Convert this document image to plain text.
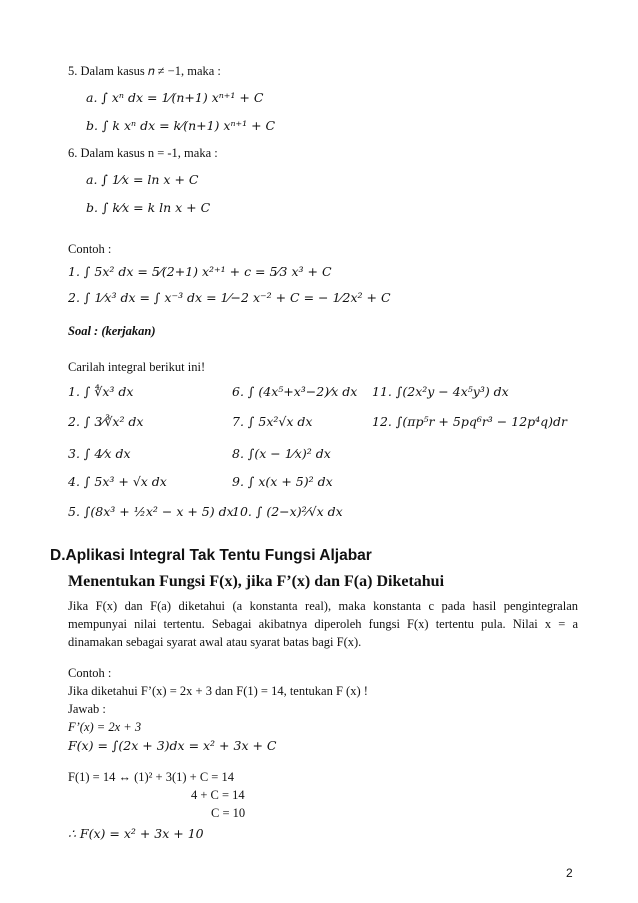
5. Dalam kasus 𝑛 ≠ −1, maka :
a. ∫ 𝑥ⁿ 𝑑𝑥 = 1⁄(𝑛+1) 𝑥ⁿ⁺¹ + 𝐶
b. ∫ 𝑘 𝑥ⁿ 𝑑𝑥 = 𝑘⁄(𝑛+1) 𝑥ⁿ⁺¹ + 𝐶
6. Dalam kasus n = -1, maka :
a. ∫ 1⁄𝑥 = ln 𝑥 + 𝐶
b. ∫ 𝑘⁄𝑥 = 𝑘 ln 𝑥 + 𝐶
Contoh :
1. ∫ 5𝑥² 𝑑𝑥 = 5⁄(2+1) 𝑥²⁺¹ + 𝑐 = 5⁄3 𝑥³ + 𝐶
2. ∫ 1⁄𝑥³ 𝑑𝑥 = ∫ 𝑥⁻³ 𝑑𝑥 = 1⁄−2 𝑥⁻² + 𝐶 = − 1⁄2𝑥² + 𝐶
Soal : (kerjakan)
Carilah integral berikut ini!
1. ∫ ∜𝑥³ 𝑑𝑥
2. ∫ 3⁄∛𝑥² 𝑑𝑥
3. ∫ 4⁄𝑥 𝑑𝑥
4. ∫ 5𝑥³ + √𝑥 𝑑𝑥
5. ∫(8𝑥³ + ½𝑥² − 𝑥 + 5) 𝑑𝑥
6. ∫ (4𝑥⁵+𝑥³−2)⁄𝑥 dx
7. ∫ 5𝑥²√𝑥 𝑑𝑥
8. ∫(𝑥 − 1⁄𝑥)² 𝑑𝑥
9. ∫ 𝑥(𝑥 + 5)² 𝑑𝑥
10. ∫ (2−𝑥)²⁄√𝑥 𝑑𝑥
11. ∫(2𝑥²𝑦 − 4𝑥⁵𝑦³) 𝑑𝑥
12. ∫(𝜋𝑝⁵𝑟 + 5𝑝𝑞⁶𝑟³ − 12𝑝⁴𝑞)𝑑𝑟
D.Aplikasi Integral Tak Tentu Fungsi Aljabar
Menentukan Fungsi F(x), jika F’(x) dan F(a) Diketahui
Jika F(x) dan F(a) diketahui (a konstanta real), maka konstanta c pada hasil pengintegralan mempunyai nilai tertentu. Sebagai akibatnya diperoleh fungsi F(x) tertentu pula. Nilai x = a dinamakan sebagai syarat awal atau syarat batas bagi F(x).
Contoh :
Jika diketahui F’(x) = 2x + 3 dan F(1) = 14, tentukan F (x) !
Jawab :
F’(x) = 2x + 3
F(x) = ∫(2𝑥 + 3)𝑑𝑥 = 𝑥² + 3𝑥 + 𝐶
F(1) = 14 ↔ (1)² + 3(1) + C = 14
4 + C = 14
C = 10
∴ F(x) = 𝑥² + 3𝑥 + 10
2
